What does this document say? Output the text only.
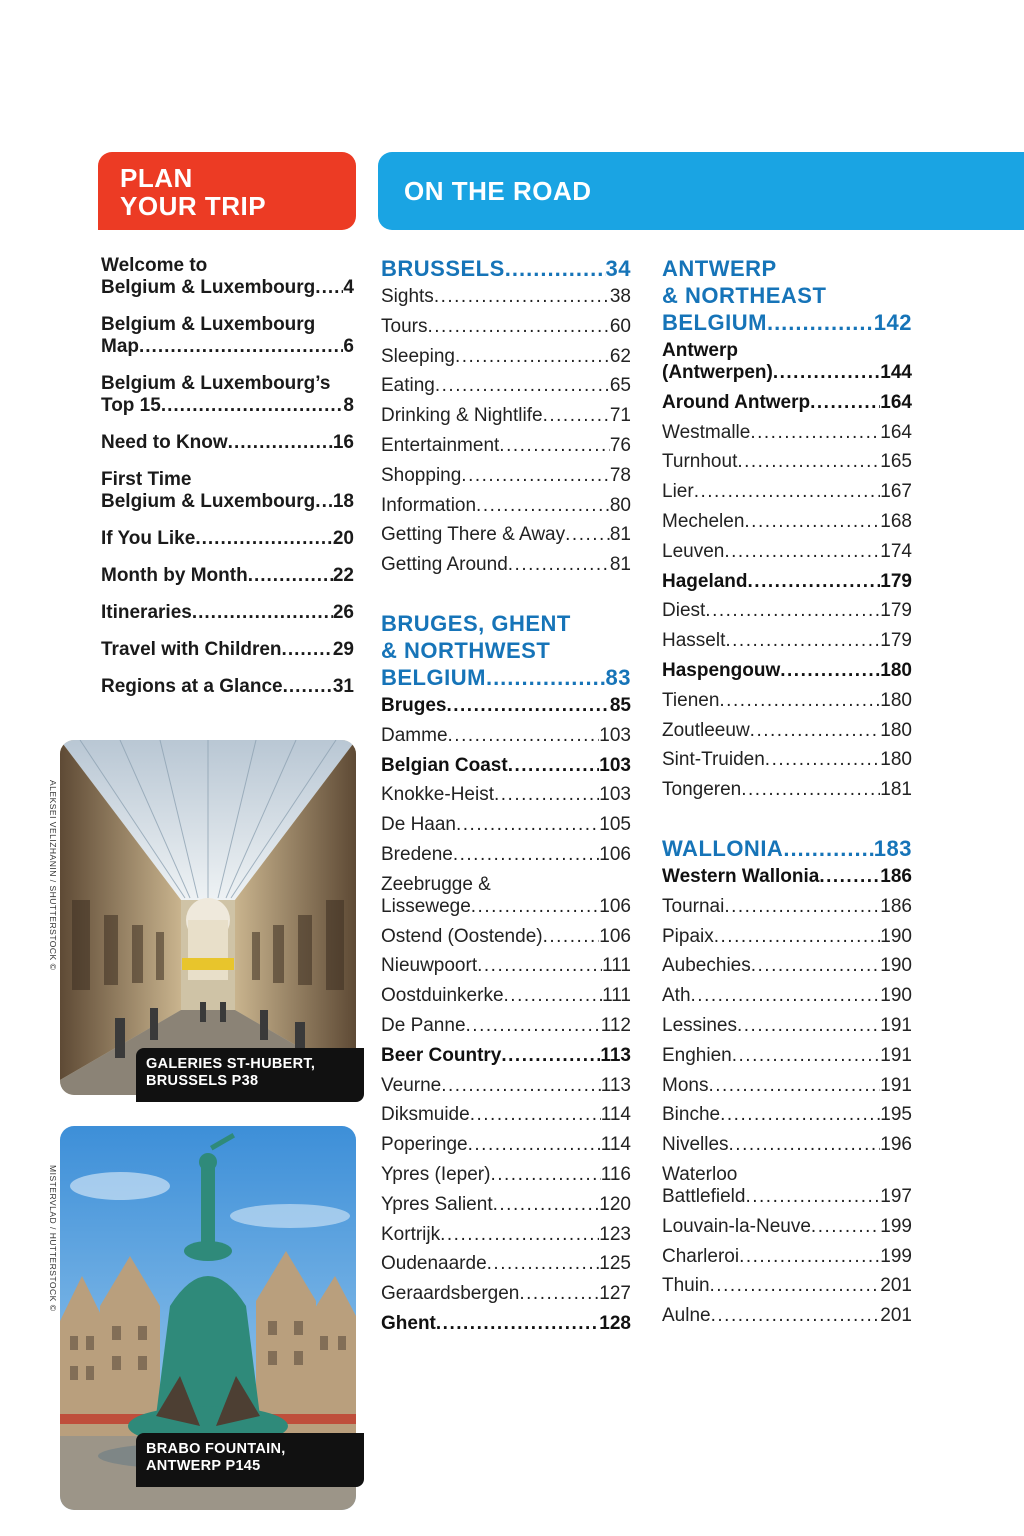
PLAN
YOUR TRIP	ON THE ROAD
Welcome to
Belgium & Luxembourg ..... 4
Belgium & Luxembourg
Map .....	6
Belgium & Luxembourg’s
Top 15 .....	8
Need to Know .....	16
First Time
Belgium & Luxembourg ..... 18
If You Like .....	20
Month by Month .....	22
Itineraries .....	26
Travel with Children .....	29
Regions at a Glance .....	31
BRUSSELS .....	34
Sights .....	38
Tours .....	60
Sleeping .....	62
Eating .....	65
Drinking & Nightlife .....	71
Entertainment .....	76
Shopping .....	78
Information .....	80
Getting There & Away ..... 81
Getting Around .....	81
BRUGES, GHENT
& NORTHWEST
BELGIUM .....	83
Bruges .....	85
Damme .....	103
Belgian Coast .....	103
Knokke-Heist .....	103
De Haan .....	105
Bredene .....	106
Zeebrugge &
Lissewege .....	106
Ostend (Oostende) .....	106
Nieuwpoort .....	111
Oostduinkerke .....	111
De Panne .....	112
Beer Country .....	113
Veurne .....	113
Diksmuide .....	114
Poperinge .....	114
Ypres (Ieper) .....	116
Ypres Salient .....	120
Kortrijk .....	123
Oudenaarde .....	125
Geraardsbergen .....	127
Ghent .....	128
ANTWERP
& NORTHEAST
BELGIUM .....	142
Antwerp
(Antwerpen) .....	144
Around Antwerp .....	164
Westmalle .....	164
Turnhout .....	165
Lier .....	167
Mechelen .....	168
Leuven .....	174
Hageland .....	179
Diest .....	179
Hasselt .....	179
Haspengouw .....	180
Tienen .....	180
Zoutleeuw .....	180
Sint-Truiden .....	180
Tongeren .....	181
WALLONIA .....	183
Western Wallonia .....	186
Tournai .....	186
Pipaix .....	190
Aubechies .....	190
Ath .....	190
Lessines .....	191
Enghien .....	191
Mons .....	191
Binche .....	195
Nivelles .....	196
Waterloo
Battlefield .....	197
Louvain-la-Neuve .....	199
Charleroi .....	199
Thuin .....	201
Aulne .....	201
ALEKSEI VELIZHANIN / SHUTTERSTOCK ©
GALERIES ST-HUBERT,
BRUSSELS P38
MISTERVLAD / HUTTERSTOCK ©
BRABO FOUNTAIN,
ANTWERP P145
